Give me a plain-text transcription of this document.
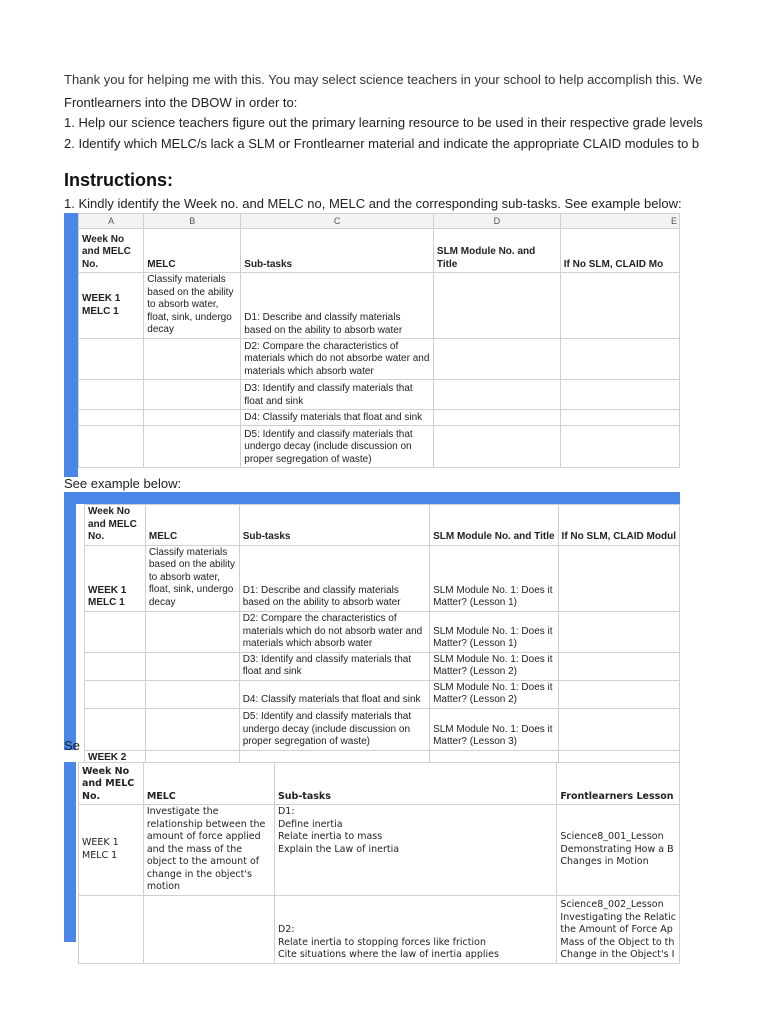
Thank you for helping me with this. You may select science teachers in your school to help accomplish this. We
Frontlearners into the DBOW in order to:
1. Help our science teachers figure out the primary learning resource to be used in their respective grade levels
2. Identify which MELC/s lack a SLM or Frontlearner material and indicate the appropriate CLAID modules to b
Instructions:
1. Kindly identify the Week no. and MELC no, MELC and the corresponding sub-tasks. See example below:
A	B	C	D	E
Week No and MELC No.	MELC	Sub-tasks	SLM Module No. and Title	If No SLM, CLAID Mo
WEEK 1 MELC 1	Classify materials based on the ability to absorb water, float, sink, undergo decay	D1: Describe and classify materials based on the ability to absorb water		
		D2: Compare the characteristics of materials which do not absorbe water and materials which absorb water		
		D3: Identify and classify materials that float and sink		
		D4: Classify materials that float and sink		
		D5: Identify and classify materials that undergo decay (include discussion on proper segregation of waste)		
See example below:
Week No and MELC No.	MELC	Sub-tasks	SLM Module No. and Title	If No SLM, CLAID Modul
WEEK 1 MELC 1	Classify materials based on the ability to absorb water, float, sink, undergo decay	D1: Describe and classify materials based on the ability to absorb water	SLM Module No. 1: Does it Matter? (Lesson 1)	
		D2: Compare the characteristics of materials which do not absorb water and materials which absorb water	SLM Module No. 1: Does it Matter? (Lesson 1)	
		D3: Identify and classify materials that float and sink	SLM Module No. 1: Does it Matter? (Lesson 2)	
		D4: Classify materials that float and sink	SLM Module No. 1: Does it Matter? (Lesson 2)	
		D5: Identify and classify materials that undergo decay (include discussion on proper segregation of waste)	SLM Module No. 1: Does it Matter? (Lesson 3)	
WEEK 2				
Se
Week No and MELC No.	MELC	Sub-tasks	Frontlearners Lesson
WEEK 1 MELC 1	Investigate the relationship between the amount of force applied and the mass of the object to the amount of change in the object's motion	D1:
Define inertia
Relate inertia to mass
Explain the Law of inertia	Science8_001_Lesson
Demonstrating How a B
Changes in Motion
		D2:
Relate inertia to stopping forces like friction
Cite situations where the law of inertia applies	Science8_002_Lesson
Investigating the Relatic
the Amount of Force Ap
Mass of the Object to th
Change in the Object's I
